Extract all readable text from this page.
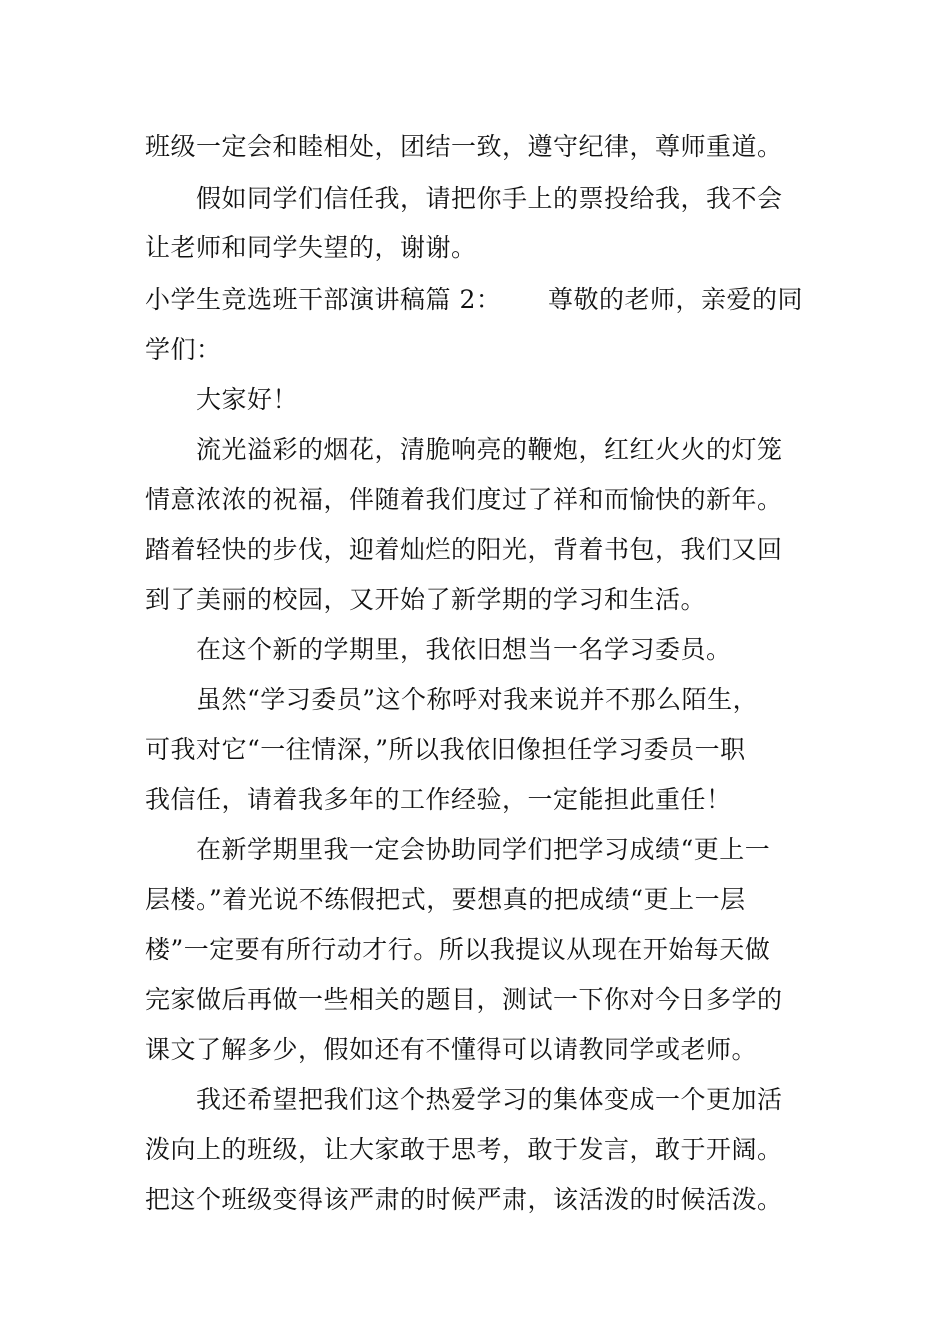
班级一定会和睦相处，团结一致，遵守纪律，尊师重道。
假如同学们信任我，请把你手上的票投给我，我不会
让老师和同学失望的，谢谢。
小学生竞选班干部演讲稿篇 2： 尊敬的老师，亲爱的同
学们：
大家好！
流光溢彩的烟花，清脆响亮的鞭炮，红红火火的灯笼
情意浓浓的祝福，伴随着我们度过了祥和而愉快的新年。
踏着轻快的步伐，迎着灿烂的阳光，背着书包，我们又回
到了美丽的校园，又开始了新学期的学习和生活。
在这个新的学期里，我依旧想当一名学习委员。
虽然“学习委员”这个称呼对我来说并不那么陌生，
可我对它“一往情深，”所以我依旧像担任学习委员一职
我信任，请着我多年的工作经验，一定能担此重任！
在新学期里我一定会协助同学们把学习成绩“更上一
层楼。”着光说不练假把式，要想真的把成绩“更上一层
楼”一定要有所行动才行。所以我提议从现在开始每天做
完家做后再做一些相关的题目，测试一下你对今日多学的
课文了解多少，假如还有不懂得可以请教同学或老师。
我还希望把我们这个热爱学习的集体变成一个更加活
泼向上的班级，让大家敢于思考，敢于发言，敢于开阔。
把这个班级变得该严肃的时候严肃，该活泼的时候活泼。
